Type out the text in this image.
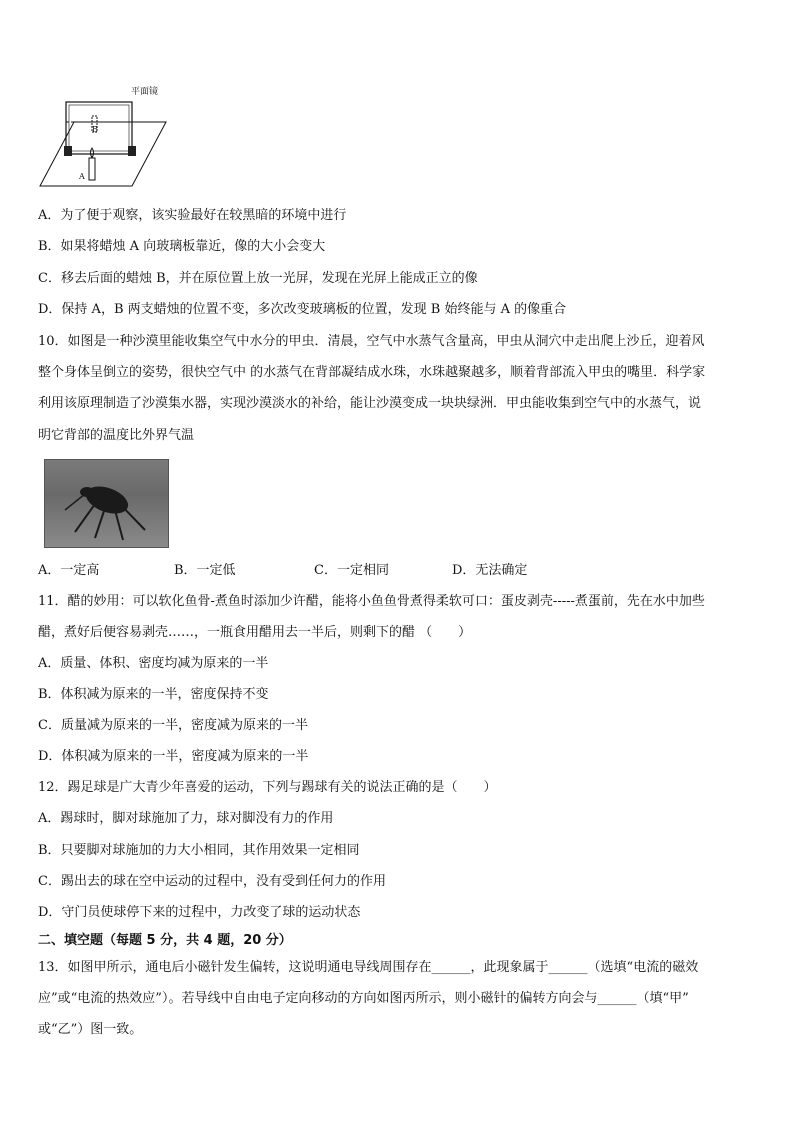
平面镜
B
A
A．为了便于观察，该实验最好在较黑暗的环境中进行
B．如果将蜡烛 A 向玻璃板靠近，像的大小会变大
C．移去后面的蜡烛 B，并在原位置上放一光屏，发现在光屏上能成正立的像
D．保持 A，B 两支蜡烛的位置不变，多次改变玻璃板的位置，发现 B 始终能与 A 的像重合
10．如图是一种沙漠里能收集空气中水分的甲虫．清晨，空气中水蒸气含量高，甲虫从洞穴中走出爬上沙丘，迎着风
整个身体呈倒立的姿势，很快空气中 的水蒸气在背部凝结成水珠，水珠越聚越多，顺着背部流入甲虫的嘴里．科学家
利用该原理制造了沙漠集水器，实现沙漠淡水的补给，能让沙漠变成一块块绿洲．甲虫能收集到空气中的水蒸气，说
明它背部的温度比外界气温
A．一定高	B．一定低	C．一定相同	D．无法确定
11．醋的妙用：可以软化鱼骨-煮鱼时添加少许醋，能将小鱼鱼骨煮得柔软可口：蛋皮剥壳-----煮蛋前，先在水中加些
醋，煮好后便容易剥壳……，一瓶食用醋用去一半后，则剩下的醋 （　　）
A．质量、体积、密度均减为原来的一半
B．体积减为原来的一半，密度保持不变
C．质量减为原来的一半，密度减为原来的一半
D．体积减为原来的一半，密度减为原来的一半
12．踢足球是广大青少年喜爱的运动，下列与踢球有关的说法正确的是（　　）
A．踢球时，脚对球施加了力，球对脚没有力的作用
B．只要脚对球施加的力大小相同，其作用效果一定相同
C．踢出去的球在空中运动的过程中，没有受到任何力的作用
D．守门员使球停下来的过程中，力改变了球的运动状态
二、填空题（每题 5 分，共 4 题，20 分）
13．如图甲所示，通电后小磁针发生偏转，这说明通电导线周围存在______，此现象属于______（选填“电流的磁效
应”或“电流的热效应”）。若导线中自由电子定向移动的方向如图丙所示，则小磁针的偏转方向会与______（填“甲”
或“乙”）图一致。
